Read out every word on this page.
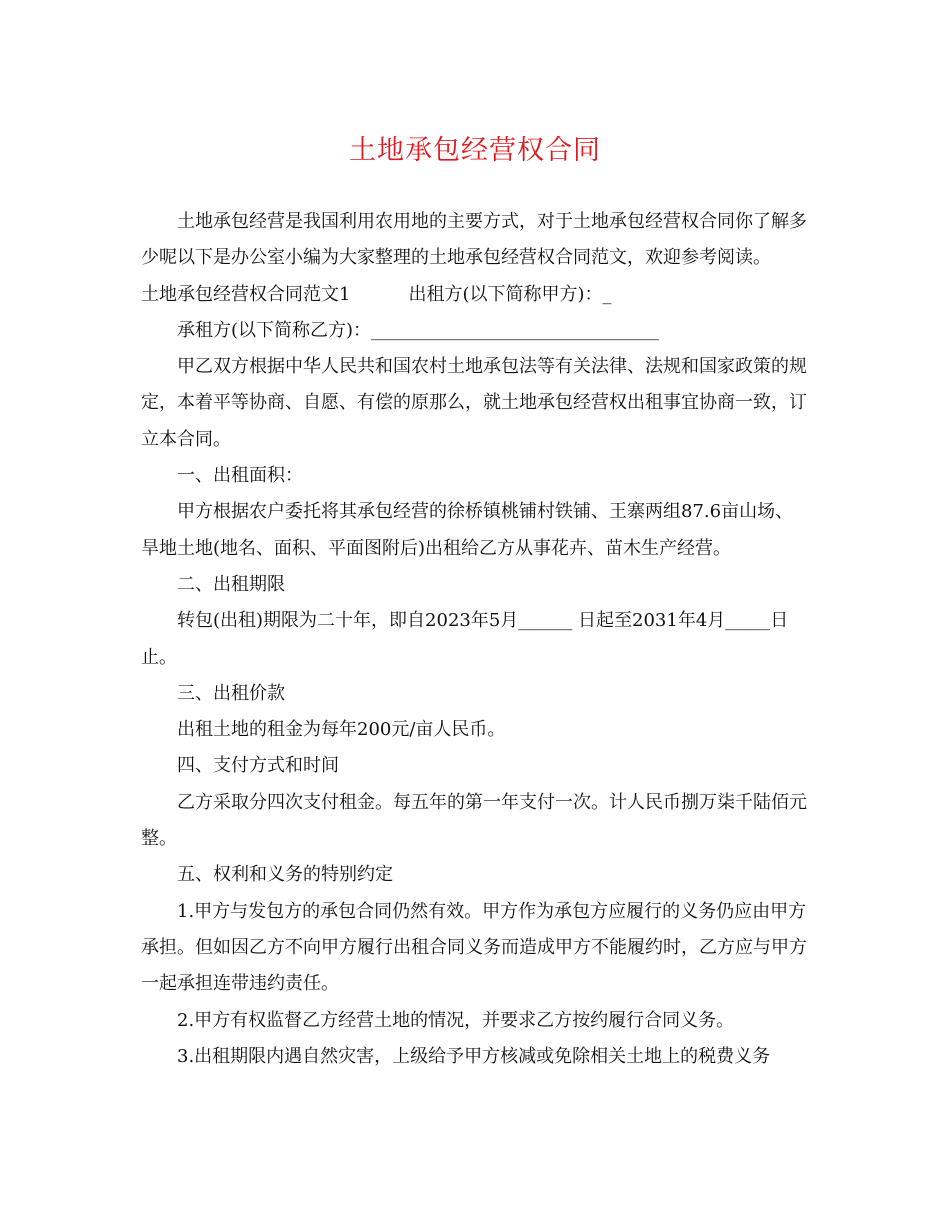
土地承包经营权合同

土地承包经营是我国利用农用地的主要方式，对于土地承包经营权合同你了解多少呢以下是办公室小编为大家整理的土地承包经营权合同范文，欢迎参考阅读。

土地承包经营权合同范文1	出租方(以下简称甲方)：_

承租方(以下简称乙方)：________________________________

甲乙双方根据中华人民共和国农村土地承包法等有关法律、法规和国家政策的规定，本着平等协商、自愿、有偿的原那么，就土地承包经营权出租事宜协商一致，订立本合同。

一、出租面积：

甲方根据农户委托将其承包经营的徐桥镇桃铺村铁铺、王寨两组87.6亩山场、旱地土地(地名、面积、平面图附后)出租给乙方从事花卉、苗木生产经营。

二、出租期限

转包(出租)期限为二十年，即自2023年5月______ 日起至2031年4月_____日止。

三、出租价款

出租土地的租金为每年200元/亩人民币。

四、支付方式和时间

乙方采取分四次支付租金。每五年的第一年支付一次。计人民币捌万柒千陆佰元整。

五、权利和义务的特别约定

1.甲方与发包方的承包合同仍然有效。甲方作为承包方应履行的义务仍应由甲方承担。但如因乙方不向甲方履行出租合同义务而造成甲方不能履约时，乙方应与甲方一起承担连带违约责任。

2.甲方有权监督乙方经营土地的情况，并要求乙方按约履行合同义务。

3.出租期限内遇自然灾害，上级给予甲方核减或免除相关土地上的税费义务
